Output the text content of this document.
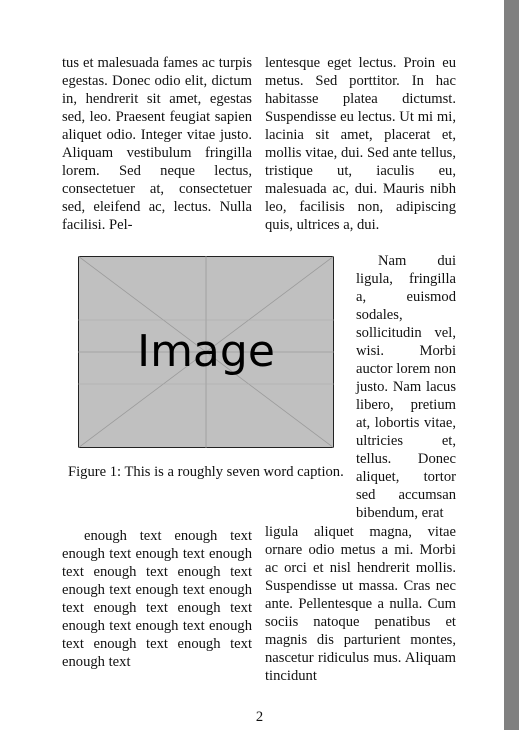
tus et malesuada fames ac turpis egestas. Donec odio elit, dictum in, hendrerit sit amet, egestas sed, leo. Praesent feugiat sapien aliquet odio. Integer vitae justo. Aliquam vestibulum fringilla lorem. Sed neque lectus, consectetuer at, consectetuer sed, eleifend ac, lectus. Nulla facilisi. Pel-

lentesque eget lectus. Proin eu metus. Sed porttitor. In hac habitasse platea dictumst. Suspendisse eu lectus. Ut mi mi, lacinia sit amet, placerat et, mollis vitae, dui. Sed ante tellus, tristique ut, iaculis eu, malesuada ac, dui. Mauris nibh leo, facilisis non, adipiscing quis, ultrices a, dui.

Image

Nam dui ligula, fringilla a, euismod sodales, sollicitudin vel, wisi. Morbi auctor lorem non justo. Nam lacus libero, pretium at, lobortis vitae, ultricies et, tellus. Donec aliquet, tortor sed accumsan bibendum, erat

Figure 1: This is a roughly seven word caption.

enough text enough text enough text enough text enough text enough text enough text enough text enough text enough text enough text enough text enough text enough text enough text enough text enough text enough text

ligula aliquet magna, vitae ornare odio metus a mi. Morbi ac orci et nisl hendrerit mollis. Suspendisse ut massa. Cras nec ante. Pellentesque a nulla. Cum sociis natoque penatibus et magnis dis parturient montes, nascetur ridiculus mus. Aliquam tincidunt

2
